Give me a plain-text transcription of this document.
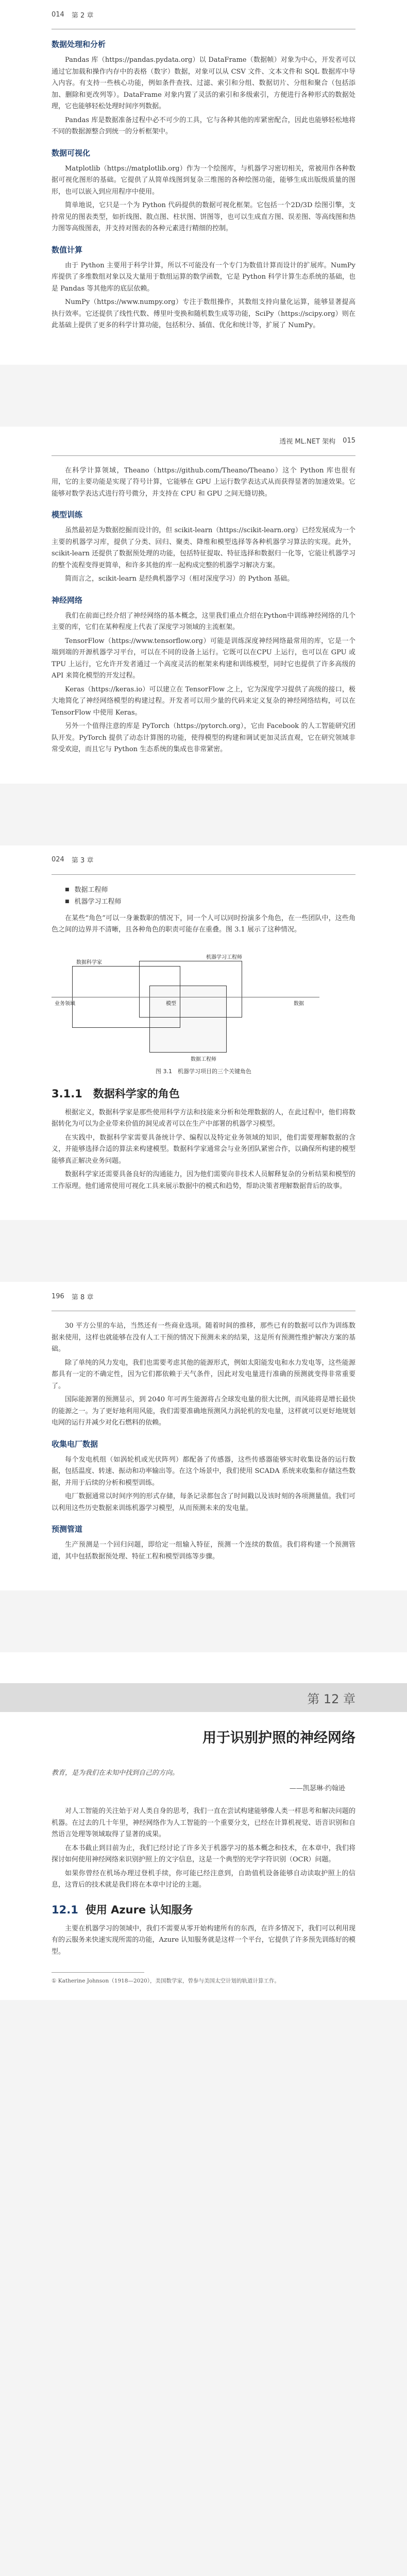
014 第 2 章
数据处理和分析

Pandas 库（https://pandas.pydata.org）以 DataFrame（数据帧）对象为中心，开发者可以通过它加载和操作内存中的表格（数字）数据，对象可以从 CSV 文件、文本文件和 SQL 数据库中导入内容。有支持一些核心功能，例如条件查找、过滤、索引和分组、数据切片、分组和聚合（包括添加、删除和更改列等）。DataFrame 对象内置了灵活的索引和多级索引，方便进行各种形式的数据处理，它也能够轻松处理时间序列数据。

Pandas 库是数据准备过程中必不可少的工具，它与各种其他的库紧密配合，因此也能够轻松地将不同的数据源整合到统一的分析框架中。

数据可视化

Matplotlib（https://matplotlib.org）作为一个绘图库，与机器学习密切相关，常被用作各种数据可视化图形的基础。它提供了从简单线图到复杂三维图的各种绘图功能，能够生成出版级质量的图形，也可以嵌入到应用程序中使用。

简单地说，它只是一个为 Python 代码提供的数据可视化框架。它包括一个2D/3D 绘图引擎，支持常见的图表类型，如折线图、散点图、柱状图、饼图等，也可以生成直方图、误差图、等高线图和热力图等高级图表，并支持对图表的各种元素进行精细的控制。

数值计算

由于 Python 主要用于科学计算，所以不可能没有一个专门为数值计算而设计的扩展库。NumPy 库提供了多维数组对象以及大量用于数组运算的数学函数，它是 Python 科学计算生态系统的基础，也是 Pandas 等其他库的底层依赖。

NumPy（https://www.numpy.org）专注于数组操作，其数组支持向量化运算，能够显著提高执行效率。它还提供了线性代数、傅里叶变换和随机数生成等功能，SciPy（https://scipy.org）则在此基础上提供了更多的科学计算功能，包括积分、插值、优化和统计等，扩展了 NumPy。

透视 ML.NET 架构 015

在科学计算领域，Theano（https://github.com/Theano/Theano）这个 Python 库也很有用，它的主要功能是实现了符号计算，它能够在 GPU 上运行数学表达式从而获得显著的加速效果。它能够对数学表达式进行符号微分，并支持在 CPU 和 GPU 之间无缝切换。

模型训练

虽然最初是为数据挖掘而设计的，但 scikit-learn（https://scikit-learn.org）已经发展成为一个主要的机器学习库，提供了分类、回归、聚类、降维和模型选择等各种机器学习算法的实现。此外，scikit-learn 还提供了数据预处理的功能，包括特征提取、特征选择和数据归一化等，它能让机器学习的整个流程变得更简单，和许多其他的库一起构成完整的机器学习解决方案。

简而言之，scikit-learn 是经典机器学习（相对深度学习）的 Python 基础。

神经网络

我们在前面已经介绍了神经网络的基本概念，这里我们重点介绍在Python中训练神经网络的几个主要的库，它们在某种程度上代表了深度学习领域的主流框架。

TensorFlow（https://www.tensorflow.org）可能是训练深度神经网络最常用的库，它是一个端到端的开源机器学习平台，可以在不同的设备上运行。它既可以在CPU 上运行，也可以在 GPU 或 TPU 上运行，它允许开发者通过一个高度灵活的框架来构建和训练模型，同时它也提供了许多高级的 API 来简化模型的开发过程。

Keras（https://keras.io）可以建立在 TensorFlow 之上，它为深度学习提供了高级的接口，极大地简化了神经网络模型的构建过程。开发者可以用少量的代码来定义复杂的神经网络结构，可以在 TensorFlow 中使用 Keras。

另外一个值得注意的库是 PyTorch（https://pytorch.org），它由 Facebook 的人工智能研究团队开发。PyTorch 提供了动态计算图的功能，使得模型的构建和调试更加灵活直观，它在研究领域非常受欢迎，而且它与 Python 生态系统的集成也非常紧密。

024 第 3 章
■ 数据工程师
■ 机器学习工程师

在某些“角色”可以一身兼数职的情况下，同一个人可以同时扮演多个角色，在一些团队中，这些角色之间的边界并不清晰，且各种角色的职责可能存在重叠。图 3.1 展示了这种情况。

数据科学家
机器学习工程师
数据工程师
业务领域	模型	数据
图 3.1　机器学习项目的三个关键角色
3.1.1　数据科学家的角色

根据定义，数据科学家是那些使用科学方法和技能来分析和处理数据的人，在此过程中，他们将数据转化为可以为企业带来价值的洞见或者可以在生产中部署的机器学习模型。

在实践中，数据科学家需要具备统计学、编程以及特定业务领域的知识，他们需要理解数据的含义，并能够选择合适的算法来构建模型。数据科学家通常会与业务团队紧密合作，以确保所构建的模型能够真正解决业务问题。

数据科学家还需要具备良好的沟通能力，因为他们需要向非技术人员解释复杂的分析结果和模型的工作原理。他们通常使用可视化工具来展示数据中的模式和趋势，帮助决策者理解数据背后的故事。

196 第 8 章

30 平方公里的车站，当然还有一些商业选项。随着时间的推移，那些已有的数据可以作为训练数据来使用，这样也就能够在没有人工干预的情况下预测未来的结果，这是所有预测性维护解决方案的基础。

除了单纯的风力发电，我们也需要考虑其他的能源形式，例如太阳能发电和水力发电等，这些能源都具有一定的不确定性，因为它们都依赖于天气条件，因此对发电量进行准确的预测就变得非常重要了。

国际能源署的预测显示，到 2040 年可再生能源将占全球发电量的很大比例，而风能将是增长最快的能源之一。为了更好地利用风能，我们需要准确地预测风力涡轮机的发电量，这样就可以更好地规划电网的运行并减少对化石燃料的依赖。

收集电厂数据

每个发电机组（如涡轮机或光伏阵列）都配备了传感器，这些传感器能够实时收集设备的运行数据，包括温度、转速、振动和功率输出等。在这个场景中，我们使用 SCADA 系统来收集和存储这些数据，并用于后续的分析和模型训练。

电厂数据通常以时间序列的形式存储，每条记录都包含了时间戳以及该时刻的各项测量值。我们可以利用这些历史数据来训练机器学习模型，从而预测未来的发电量。

预测管道

生产预测是一个回归问题，即给定一组输入特征，预测一个连续的数值。我们将构建一个预测管道，其中包括数据预处理、特征工程和模型训练等步骤。

第 12 章
用于识别护照的神经网络
教育，是为我们在未知中找到自己的方向。
——凯瑟琳·约翰逊

对人工智能的关注始于对人类自身的思考，我们一直在尝试构建能够像人类一样思考和解决问题的机器。在过去的几十年里，神经网络作为人工智能的一个重要分支，已经在计算机视觉、语音识别和自然语言处理等领域取得了显著的成果。

在本书截止到目前为止，我们已经讨论了许多关于机器学习的基本概念和技术，在本章中，我们将探讨如何使用神经网络来识别护照上的文字信息，这是一个典型的光学字符识别（OCR）问题。

如果你曾经在机场办理过登机手续，你可能已经注意到，自助值机设备能够自动读取护照上的信息，这背后的技术就是我们将在本章中讨论的主题。

12.1 使用 Azure 认知服务

主要在机器学习的领域中，我们不需要从零开始构建所有的东西，在许多情况下，我们可以利用现有的云服务来快速实现所需的功能，Azure 认知服务就是这样一个平台，它提供了许多预先训练好的模型。

① Katherine Johnson（1918—2020），美国数学家，曾参与美国太空计划的轨道计算工作。
